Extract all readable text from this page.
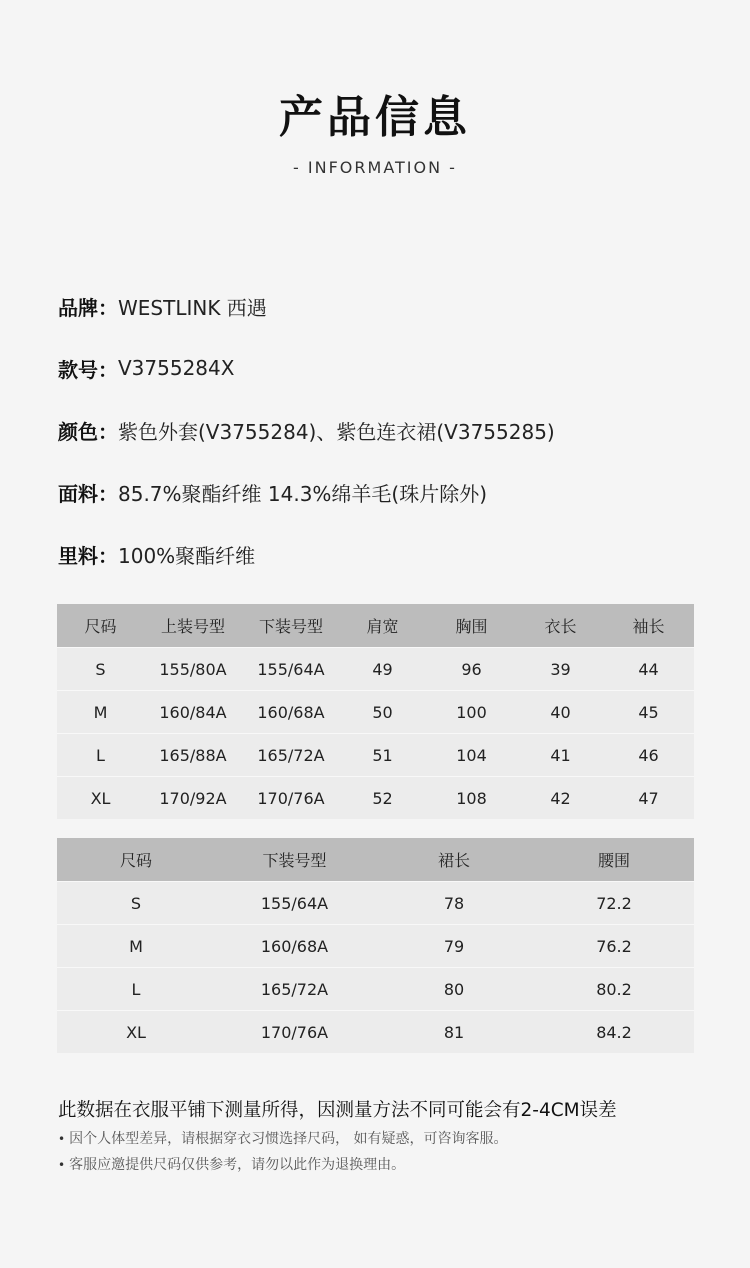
产品信息
- INFORMATION -
品牌： WESTLINK 西遇
款号： V3755284X
颜色： 紫色外套(V3755284)、紫色连衣裙(V3755285)
面料： 85.7%聚酯纤维 14.3%绵羊毛(珠片除外)
里料： 100%聚酯纤维
尺码	上装号型	下装号型	肩宽	胸围	衣长	袖长
S	155/80A	155/64A	49	96	39	44
M	160/84A	160/68A	50	100	40	45
L	165/88A	165/72A	51	104	41	46
XL	170/92A	170/76A	52	108	42	47
尺码	下装号型	裙长	腰围
S	155/64A	78	72.2
M	160/68A	79	76.2
L	165/72A	80	80.2
XL	170/76A	81	84.2
此数据在衣服平铺下测量所得，因测量方法不同可能会有2-4CM误差
• 因个人体型差异，请根据穿衣习惯选择尺码， 如有疑惑，可咨询客服。
• 客服应邀提供尺码仅供参考，请勿以此作为退换理由。
